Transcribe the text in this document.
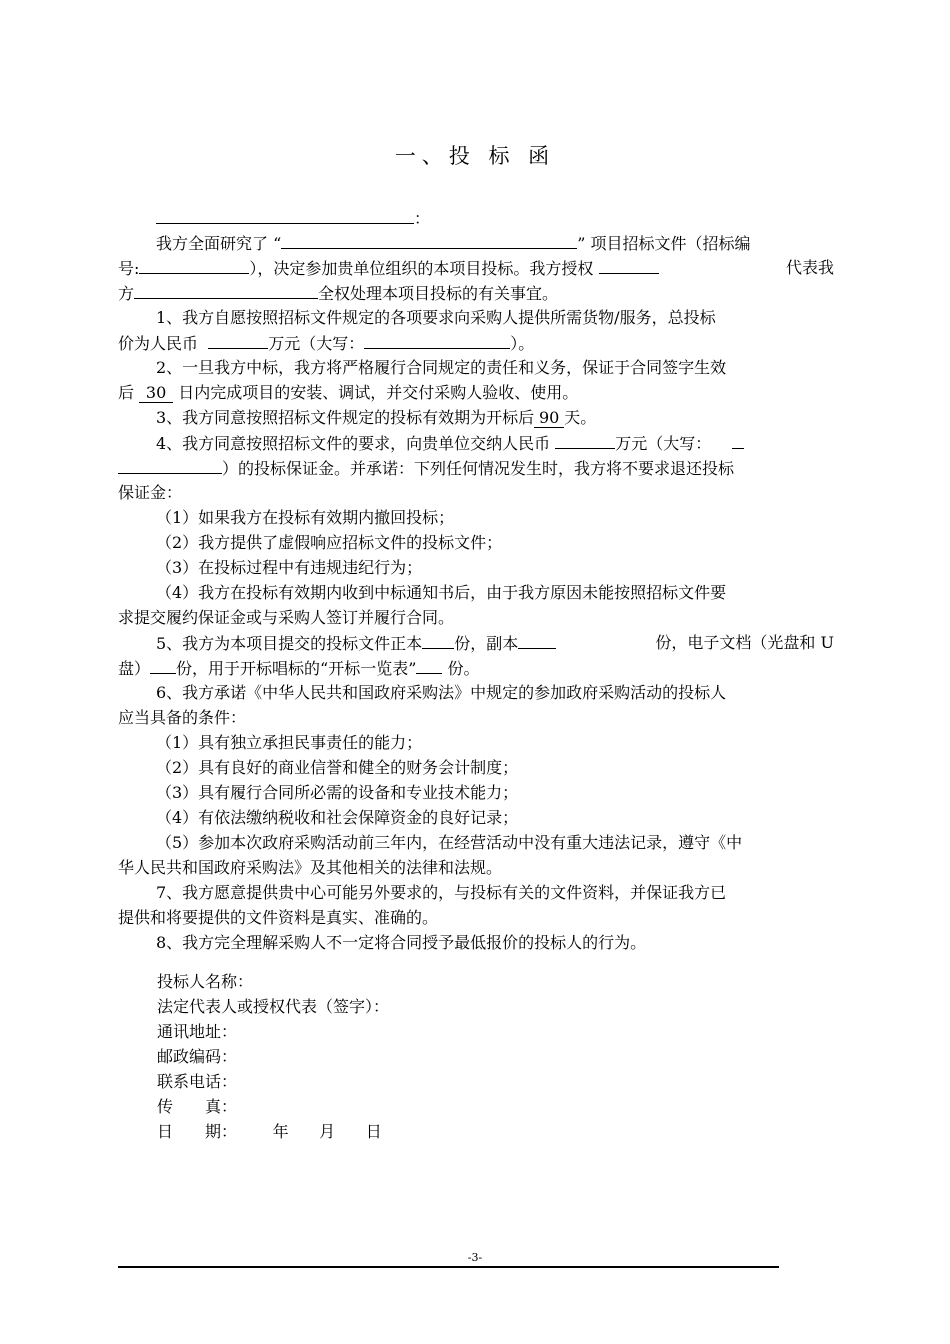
一、投 标 函
：
我方全面研究了 “	” 项目招标文件（招标编
号:	），决定参加贵单位组织的本项目投标。我方授权	代表我
方	全权处理本项目投标的有关事宜。
1、我方自愿按照招标文件规定的各项要求向采购人提供所需货物/服务，总投标
价为人民币	万元（大写：	）。
2、一旦我方中标，我方将严格履行合同规定的责任和义务，保证于合同签字生效
后 30 日内完成项目的安装、调试，并交付采购人验收、使用。
3、我方同意按照招标文件规定的投标有效期为开标后 90 天。
4、我方同意按照招标文件的要求，向贵单位交纳人民币	万元（大写：
）的投标保证金。并承诺：下列任何情况发生时，我方将不要求退还投标
保证金：
（1）如果我方在投标有效期内撤回投标；
（2）我方提供了虚假响应招标文件的投标文件；
（3）在投标过程中有违规违纪行为；
（4）我方在投标有效期内收到中标通知书后，由于我方原因未能按照招标文件要
求提交履约保证金或与采购人签订并履行合同。
5、我方为本项目提交的投标文件正本 份，副本	份，电子文档（光盘和 U
盘） 份，用于开标唱标的“开标一览表” 份。
6、我方承诺《中华人民共和国政府采购法》中规定的参加政府采购活动的投标人
应当具备的条件：
（1）具有独立承担民事责任的能力；
（2）具有良好的商业信誉和健全的财务会计制度；
（3）具有履行合同所必需的设备和专业技术能力；
（4）有依法缴纳税收和社会保障资金的良好记录；
（5）参加本次政府采购活动前三年内，在经营活动中没有重大违法记录，遵守《中
华人民共和国政府采购法》及其他相关的法律和法规。
7、我方愿意提供贵中心可能另外要求的，与投标有关的文件资料，并保证我方已
提供和将要提供的文件资料是真实、准确的。
8、我方完全理解采购人不一定将合同授予最低报价的投标人的行为。
投标人名称：
法定代表人或授权代表（签字）：
通讯地址：
邮政编码：
联系电话：
传　　真：
日　　期： 年 月 日
-3-
